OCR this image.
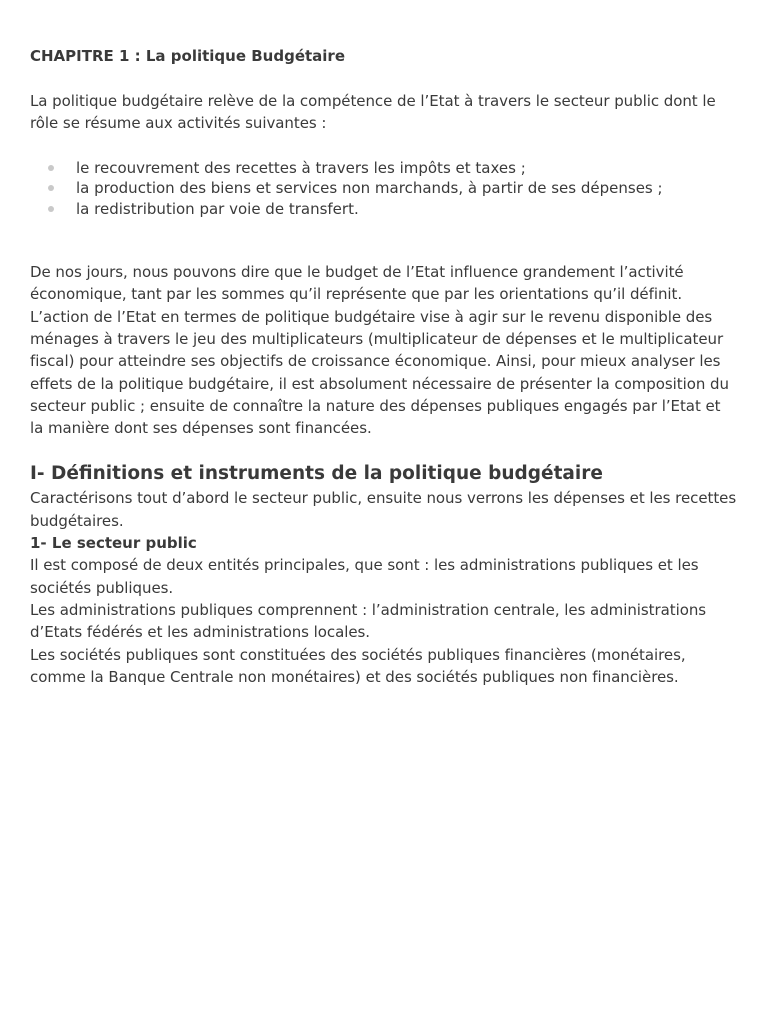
CHAPITRE 1 : La politique Budgétaire

La politique budgétaire relève de la compétence de l’Etat à travers le secteur public dont le rôle se résume aux activités suivantes :

le recouvrement des recettes à travers les impôts et taxes ;
la production des biens et services non marchands, à partir de ses dépenses ;
la redistribution par voie de transfert.

De nos jours, nous pouvons dire que le budget de l’Etat influence grandement l’activité économique, tant par les sommes qu’il représente que par les orientations qu’il définit. L’action de l’Etat en termes de politique budgétaire vise à agir sur le revenu disponible des ménages à travers le jeu des multiplicateurs (multiplicateur de dépenses et le multiplicateur fiscal) pour atteindre ses objectifs de croissance économique. Ainsi, pour mieux analyser les effets de la politique budgétaire, il est absolument nécessaire de présenter la composition du secteur public ; ensuite de connaître la nature des dépenses publiques engagés par l’Etat et la manière dont ses dépenses sont financées.

I- Définitions et instruments de la politique budgétaire

Caractérisons tout d’abord le secteur public, ensuite nous verrons les dépenses et les recettes budgétaires.

1- Le secteur public

Il est composé de deux entités principales, que sont : les administrations publiques et les sociétés publiques.

Les administrations publiques comprennent : l’administration centrale, les administrations d’Etats fédérés et les administrations locales.

Les sociétés publiques sont constituées des sociétés publiques financières (monétaires, comme la Banque Centrale non monétaires) et des sociétés publiques non financières.
